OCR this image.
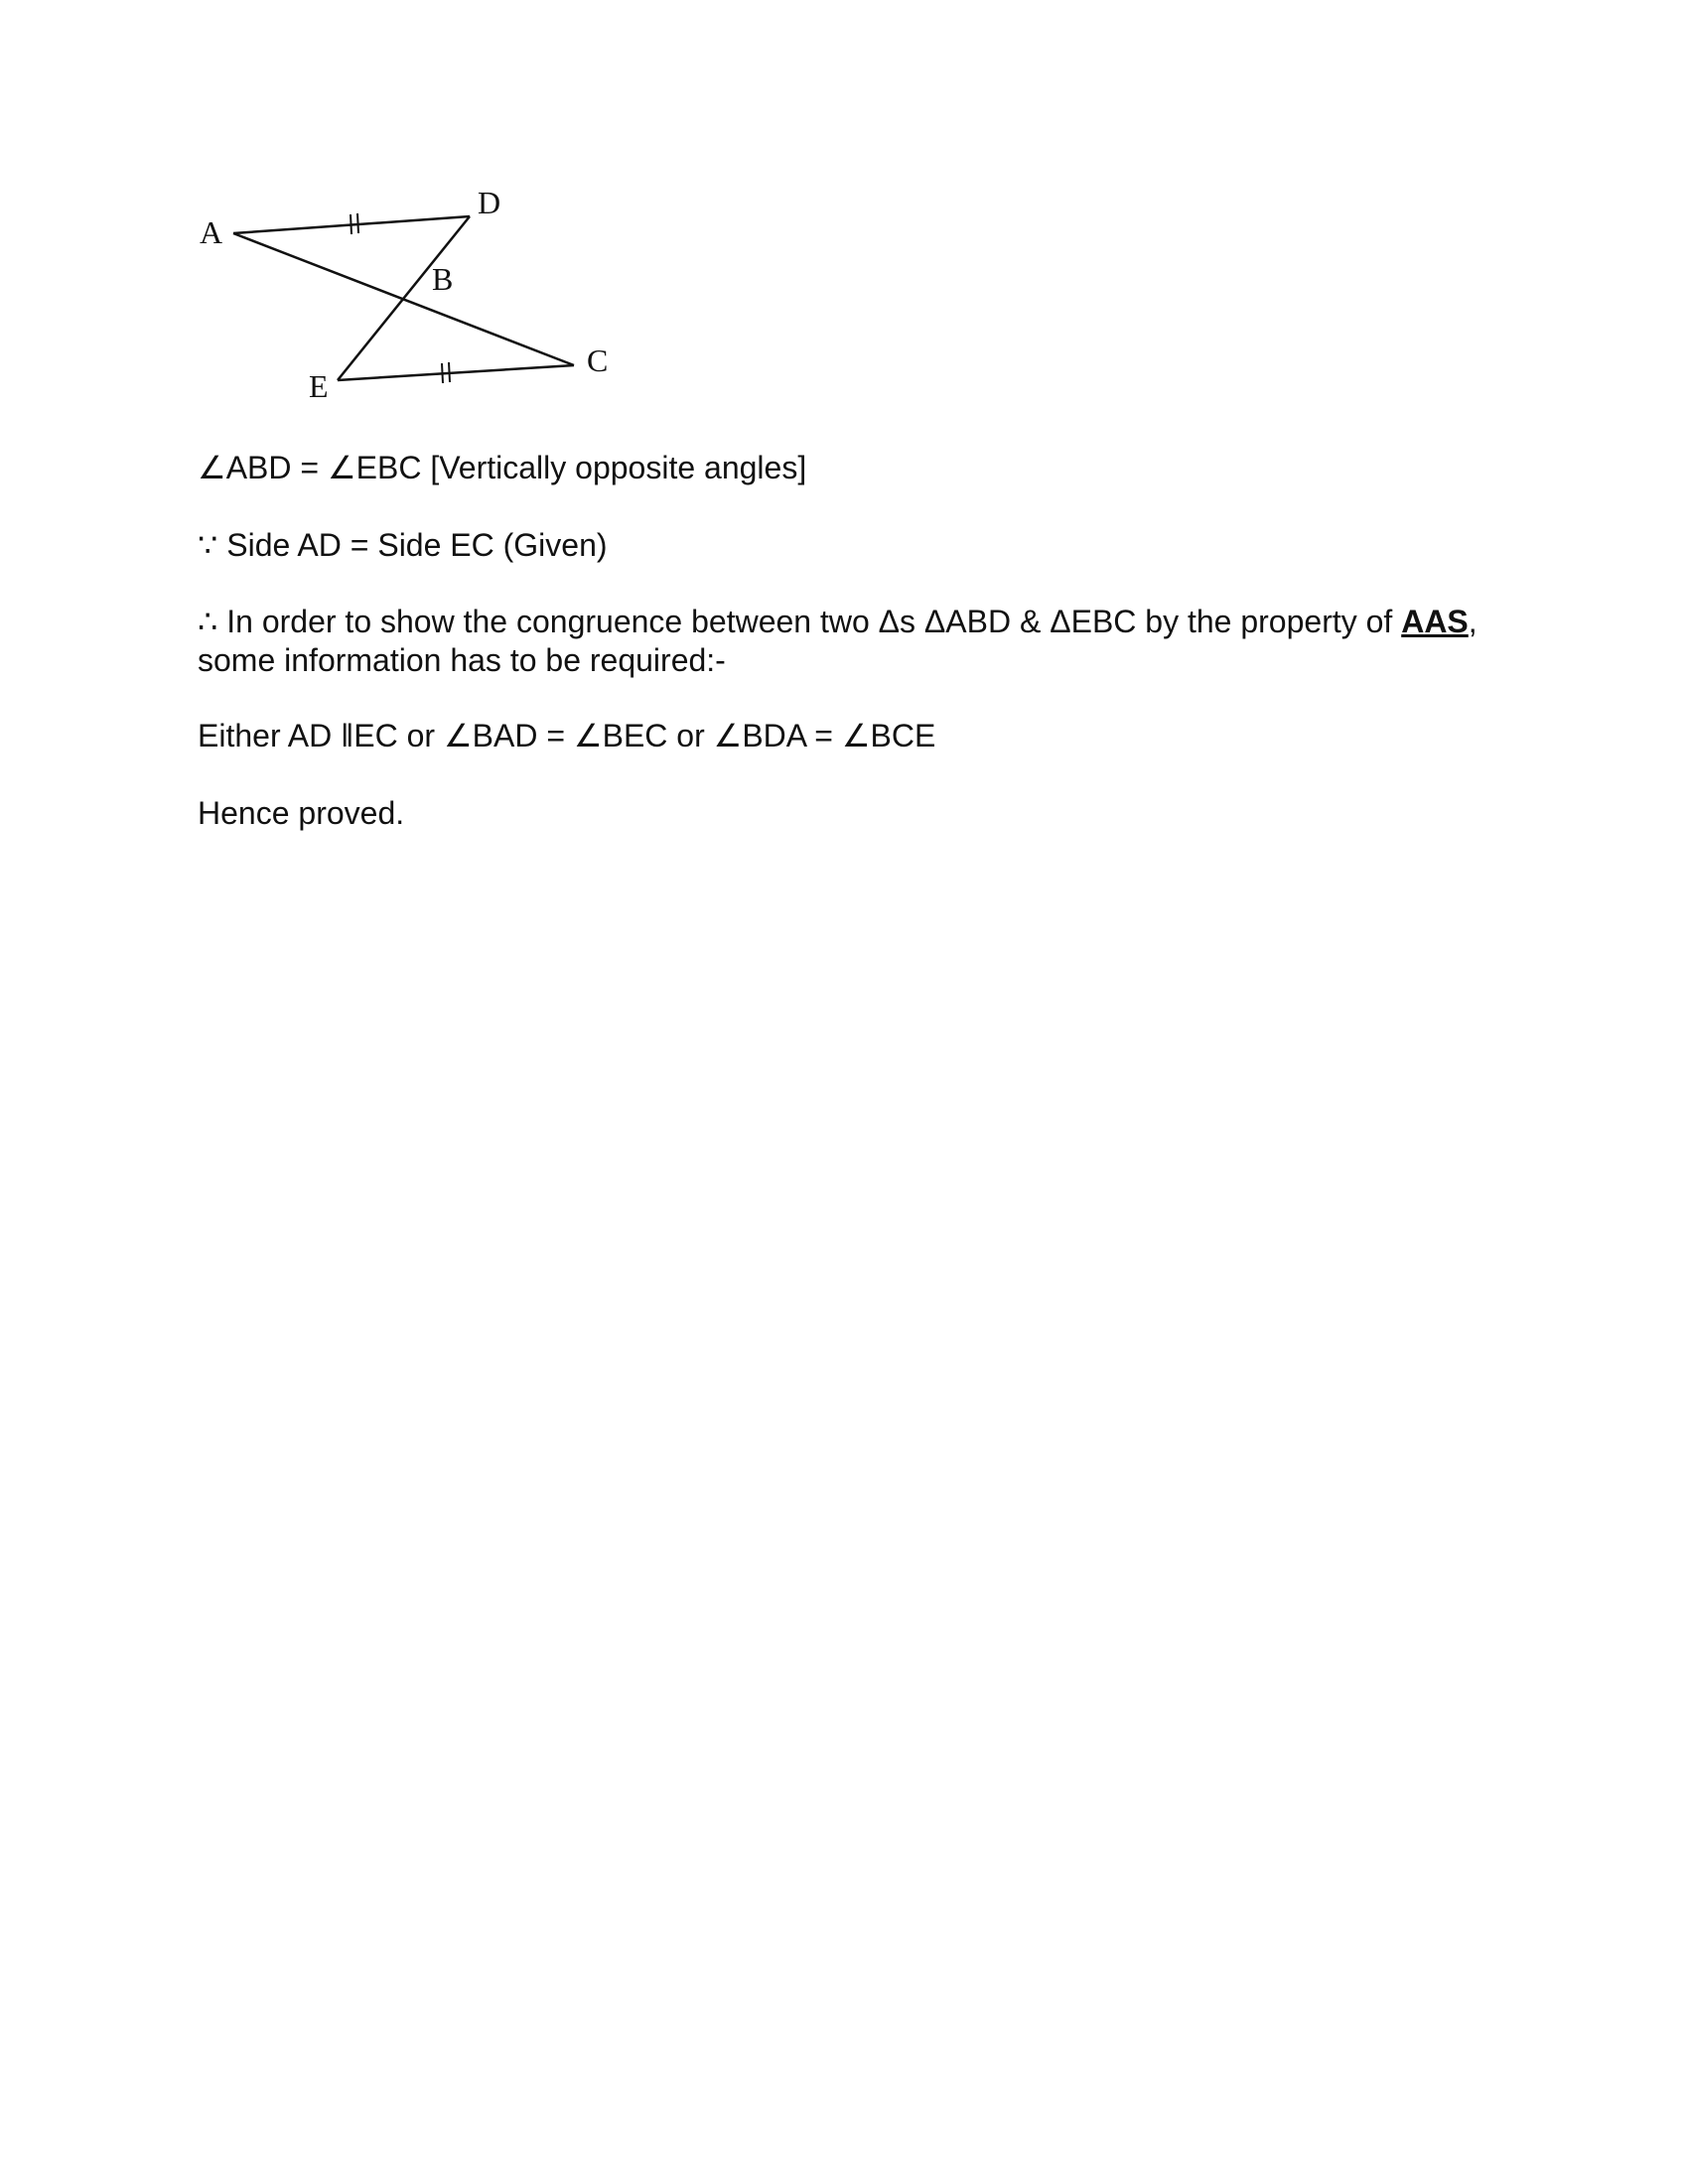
A
D
B
E
C
∠ABD = ∠EBC [Vertically opposite angles]
∵ Side AD = Side EC (Given)
∴ In order to show the congruence between two Δs ΔABD & ΔEBC by the property of AAS, some information has to be required:-
Either AD ǁEC or ∠BAD = ∠BEC or ∠BDA = ∠BCE
Hence proved.
